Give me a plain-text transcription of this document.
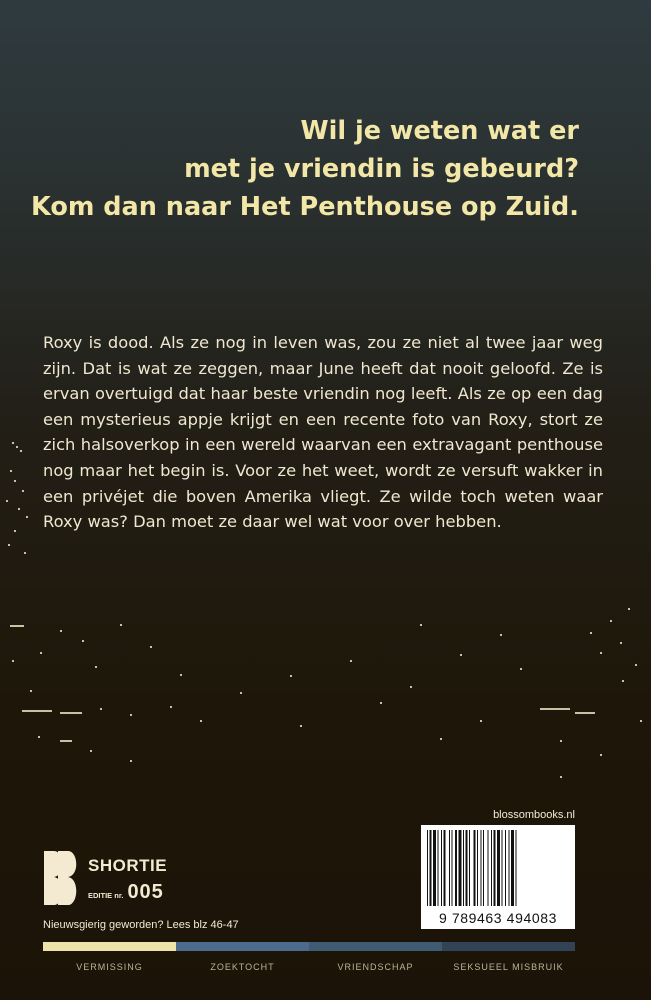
Wil je weten wat er
met je vriendin is gebeurd?
Kom dan naar Het Penthouse op Zuid.
Roxy is dood. Als ze nog in leven was, zou ze niet al twee jaar weg zijn. Dat is wat ze zeggen, maar June heeft dat nooit geloofd. Ze is ervan overtuigd dat haar beste vriendin nog leeft. Als ze op een dag een mysterieus appje krijgt en een recente foto van Roxy, stort ze zich halsoverkop in een wereld waarvan een extravagant penthouse nog maar het begin is. Voor ze het weet, wordt ze versuft wakker in een privéjet die boven Amerika vliegt. Ze wilde toch weten waar Roxy was? Dan moet ze daar wel wat voor over hebben.
blossombooks.nl
9 789463 494083
SHORTIE
EDITIE nr. 005
Nieuwsgierig geworden? Lees blz 46-47
VERMISSING	ZOEKTOCHT	VRIENDSCHAP	SEKSUEEL MISBRUIK
